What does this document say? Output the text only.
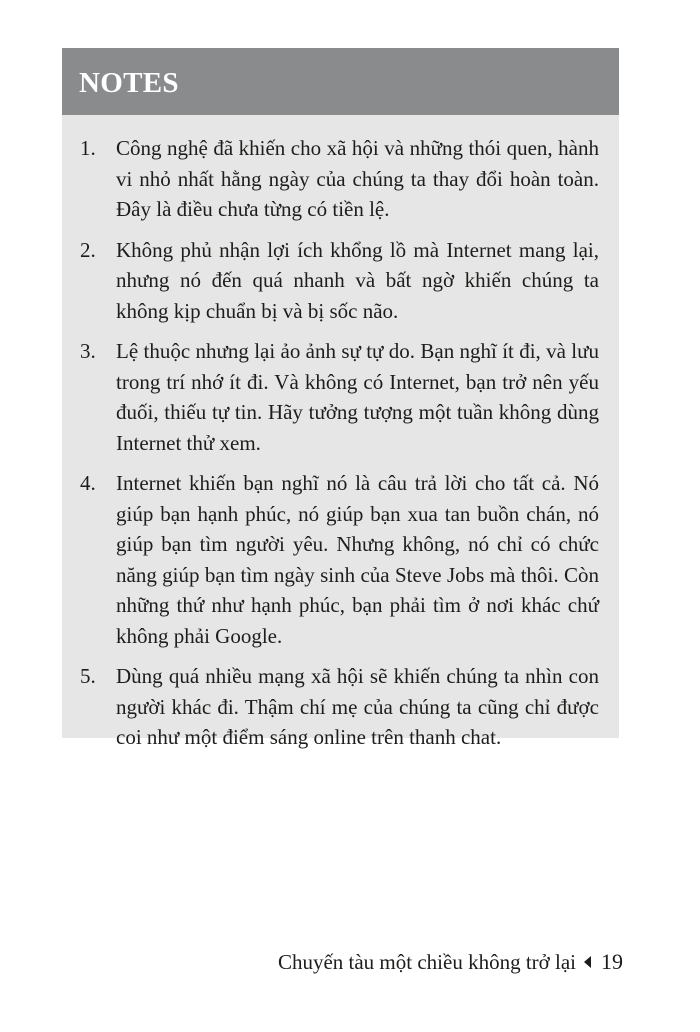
NOTES
1. Công nghệ đã khiến cho xã hội và những thói quen, hành vi nhỏ nhất hằng ngày của chúng ta thay đổi hoàn toàn. Đây là điều chưa từng có tiền lệ.
2. Không phủ nhận lợi ích khổng lồ mà Internet mang lại, nhưng nó đến quá nhanh và bất ngờ khiến chúng ta không kịp chuẩn bị và bị sốc não.
3. Lệ thuộc nhưng lại ảo ảnh sự tự do. Bạn nghĩ ít đi, và lưu trong trí nhớ ít đi. Và không có Internet, bạn trở nên yếu đuối, thiếu tự tin. Hãy tưởng tượng một tuần không dùng Internet thử xem.
4. Internet khiến bạn nghĩ nó là câu trả lời cho tất cả. Nó giúp bạn hạnh phúc, nó giúp bạn xua tan buồn chán, nó giúp bạn tìm người yêu. Nhưng không, nó chỉ có chức năng giúp bạn tìm ngày sinh của Steve Jobs mà thôi. Còn những thứ như hạnh phúc, bạn phải tìm ở nơi khác chứ không phải Google.
5. Dùng quá nhiều mạng xã hội sẽ khiến chúng ta nhìn con người khác đi. Thậm chí mẹ của chúng ta cũng chỉ được coi như một điểm sáng online trên thanh chat.
Chuyến tàu một chiều không trở lại 19
